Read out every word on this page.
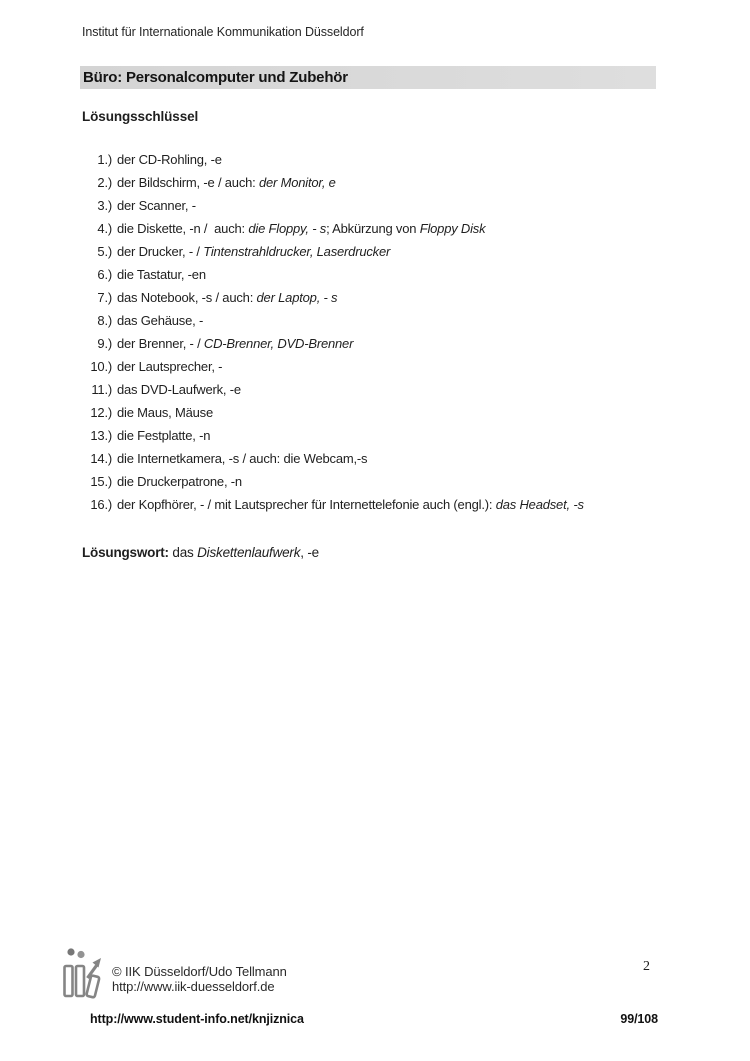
Institut für Internationale Kommunikation Düsseldorf
Büro: Personalcomputer und Zubehör
Lösungsschlüssel
1.) der CD-Rohling, -e
2.) der Bildschirm, -e / auch: der Monitor, e
3.) der Scanner, -
4.) die Diskette, -n /  auch: die Floppy, - s; Abkürzung von Floppy Disk
5.) der Drucker, - / Tintenstrahldrucker, Laserdrucker
6.) die Tastatur, -en
7.) das Notebook, -s / auch: der Laptop, - s
8.) das Gehäuse, -
9.) der Brenner, - / CD-Brenner, DVD-Brenner
10.) der Lautsprecher, -
11.) das DVD-Laufwerk, -e
12.) die Maus, Mäuse
13.) die Festplatte, -n
14.) die Internetkamera, -s / auch: die Webcam,-s
15.) die Druckerpatrone, -n
16.) der Kopfhörer, - / mit Lautsprecher für Internettelefonie auch (engl.): das Headset, -s
Lösungswort: das Diskettenlaufwerk, -e
© IIK Düsseldorf/Udo Tellmann
http://www.iik-duesseldorf.de
2
http://www.student-info.net/knjiznica	99/108
